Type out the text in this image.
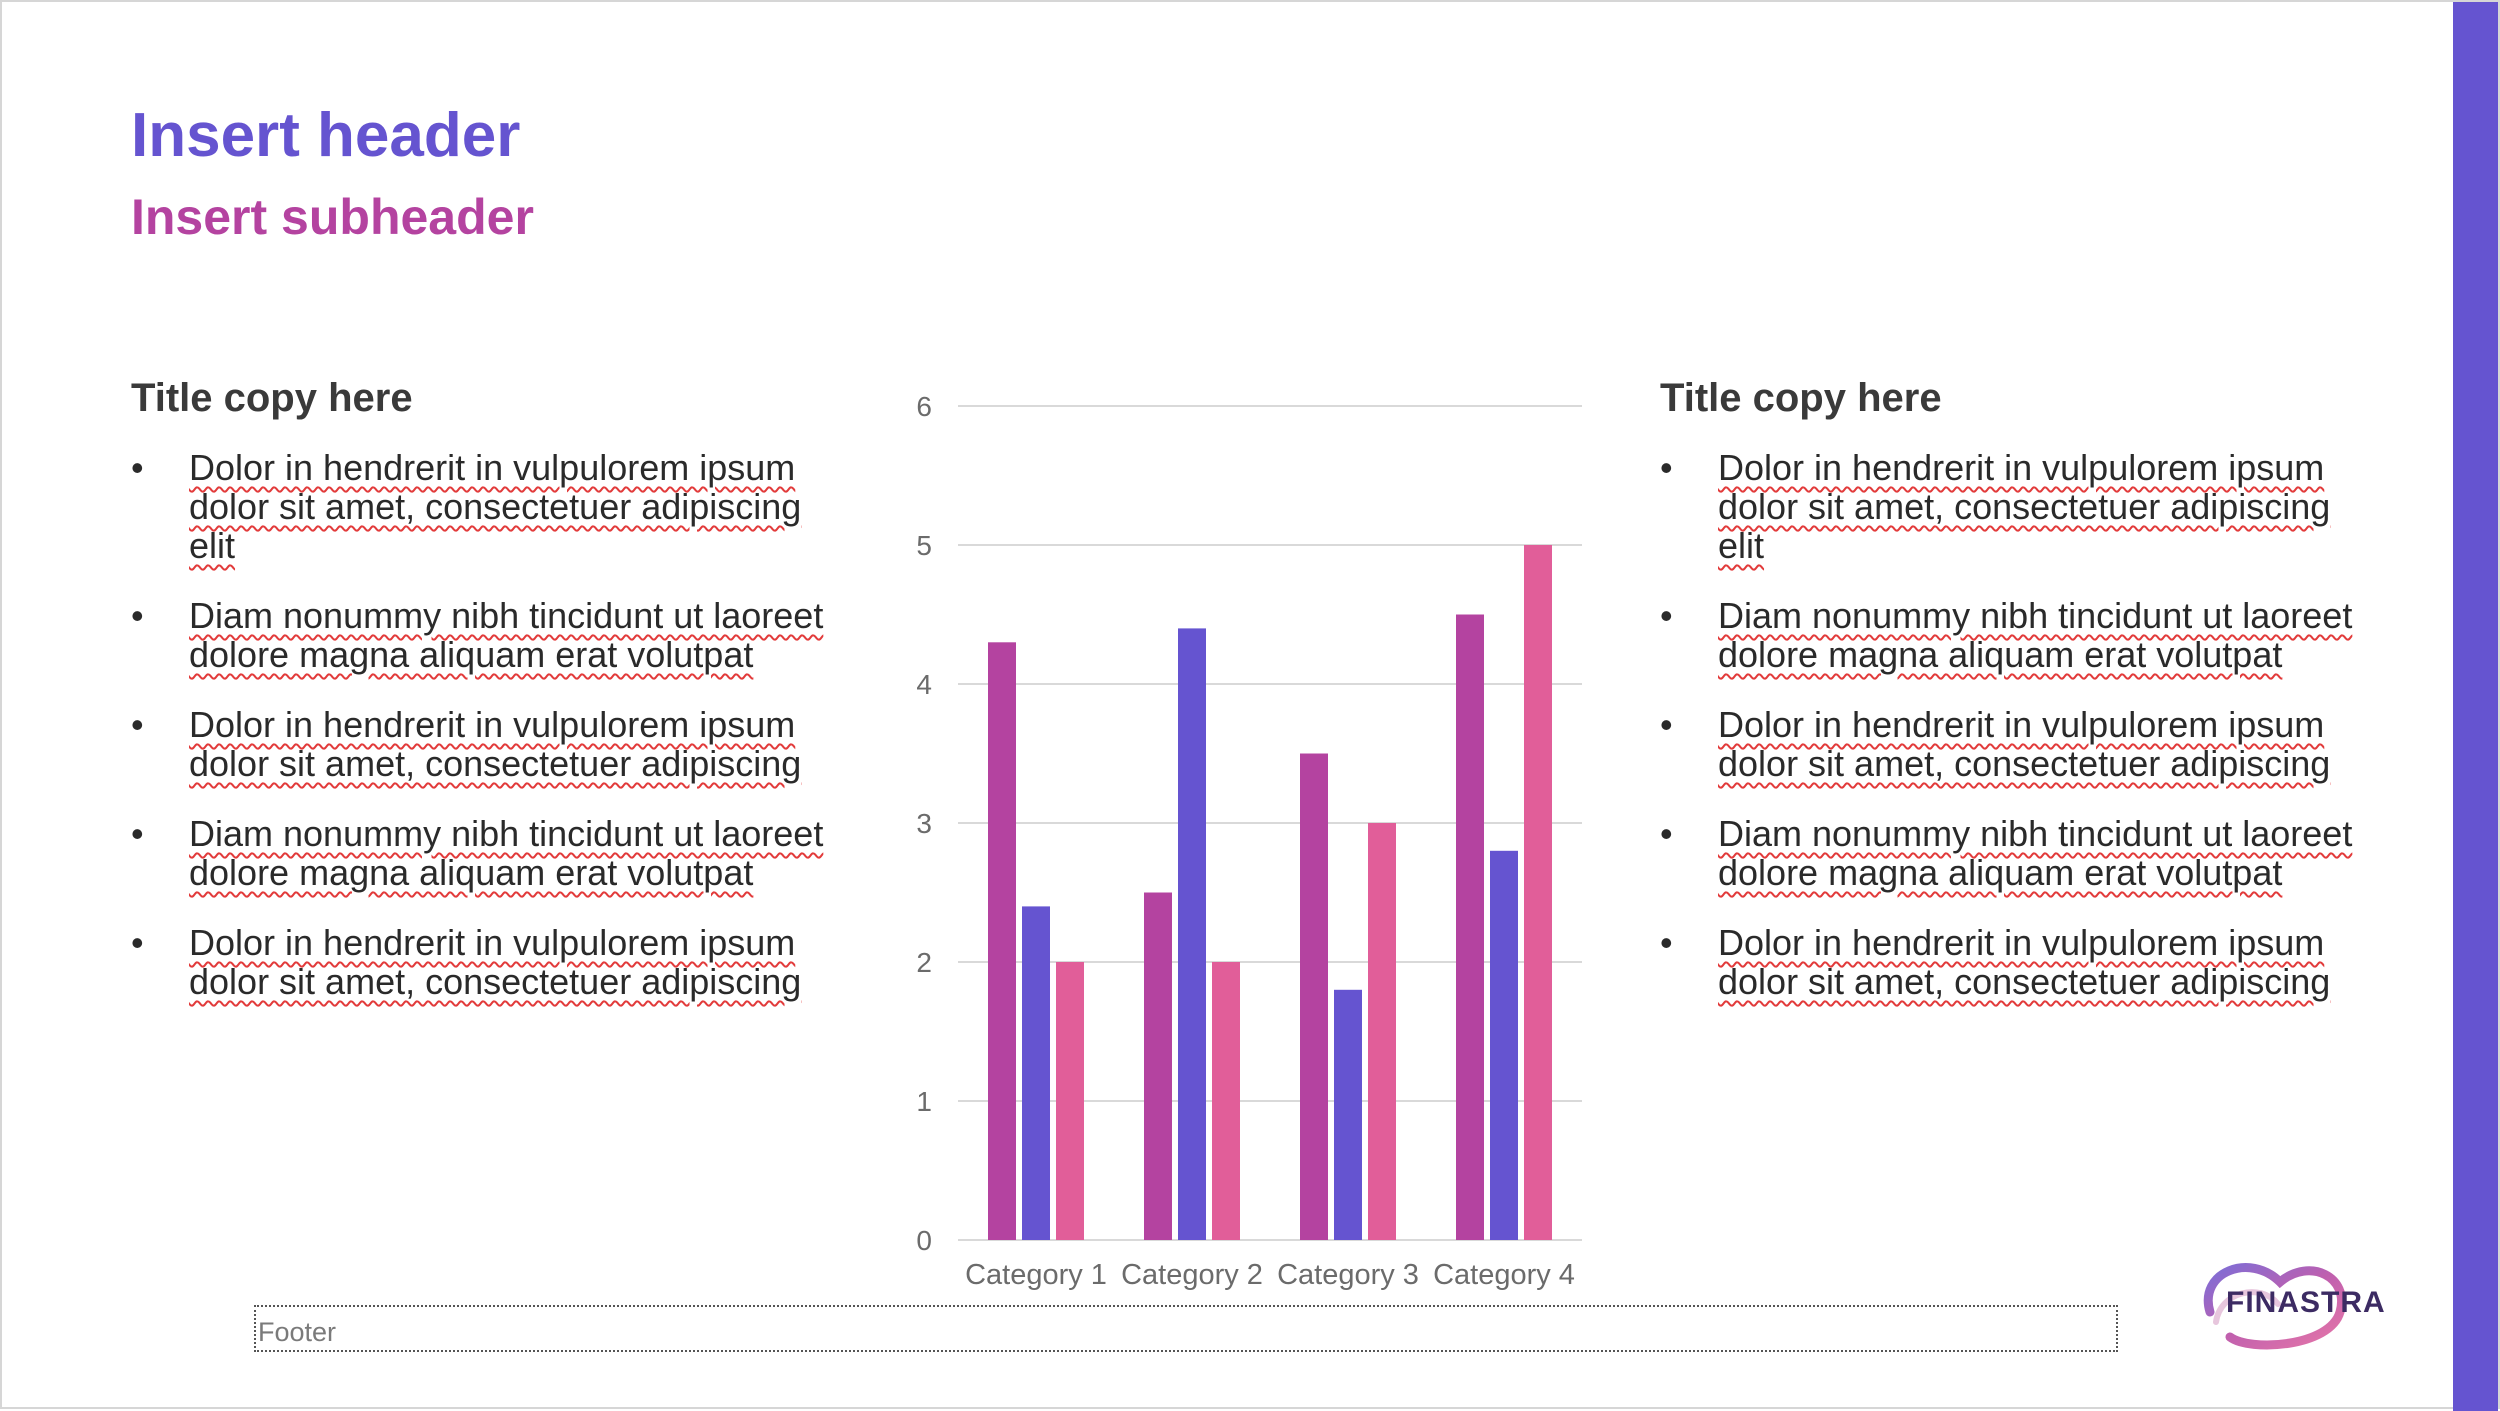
Insert header
Insert subheader
Title copy here
• Dolor in hendrerit in vulpulorem ipsum dolor sit amet, consectetuer adipiscing elit
• Diam nonummy nibh tincidunt ut laoreet dolore magna aliquam erat volutpat
• Dolor in hendrerit in vulpulorem ipsum dolor sit amet, consectetuer adipiscing
• Diam nonummy nibh tincidunt ut laoreet dolore magna aliquam erat volutpat
• Dolor in hendrerit in vulpulorem ipsum dolor sit amet, consectetuer adipiscing
Title copy here
• Dolor in hendrerit in vulpulorem ipsum dolor sit amet, consectetuer adipiscing elit
• Diam nonummy nibh tincidunt ut laoreet dolore magna aliquam erat volutpat
• Dolor in hendrerit in vulpulorem ipsum dolor sit amet, consectetuer adipiscing
• Diam nonummy nibh tincidunt ut laoreet dolore magna aliquam erat volutpat
• Dolor in hendrerit in vulpulorem ipsum dolor sit amet, consectetuer adipiscing
0
1
2
3
4
5
6
Category 1 Category 2 Category 3 Category 4
Footer
FINASTRA
